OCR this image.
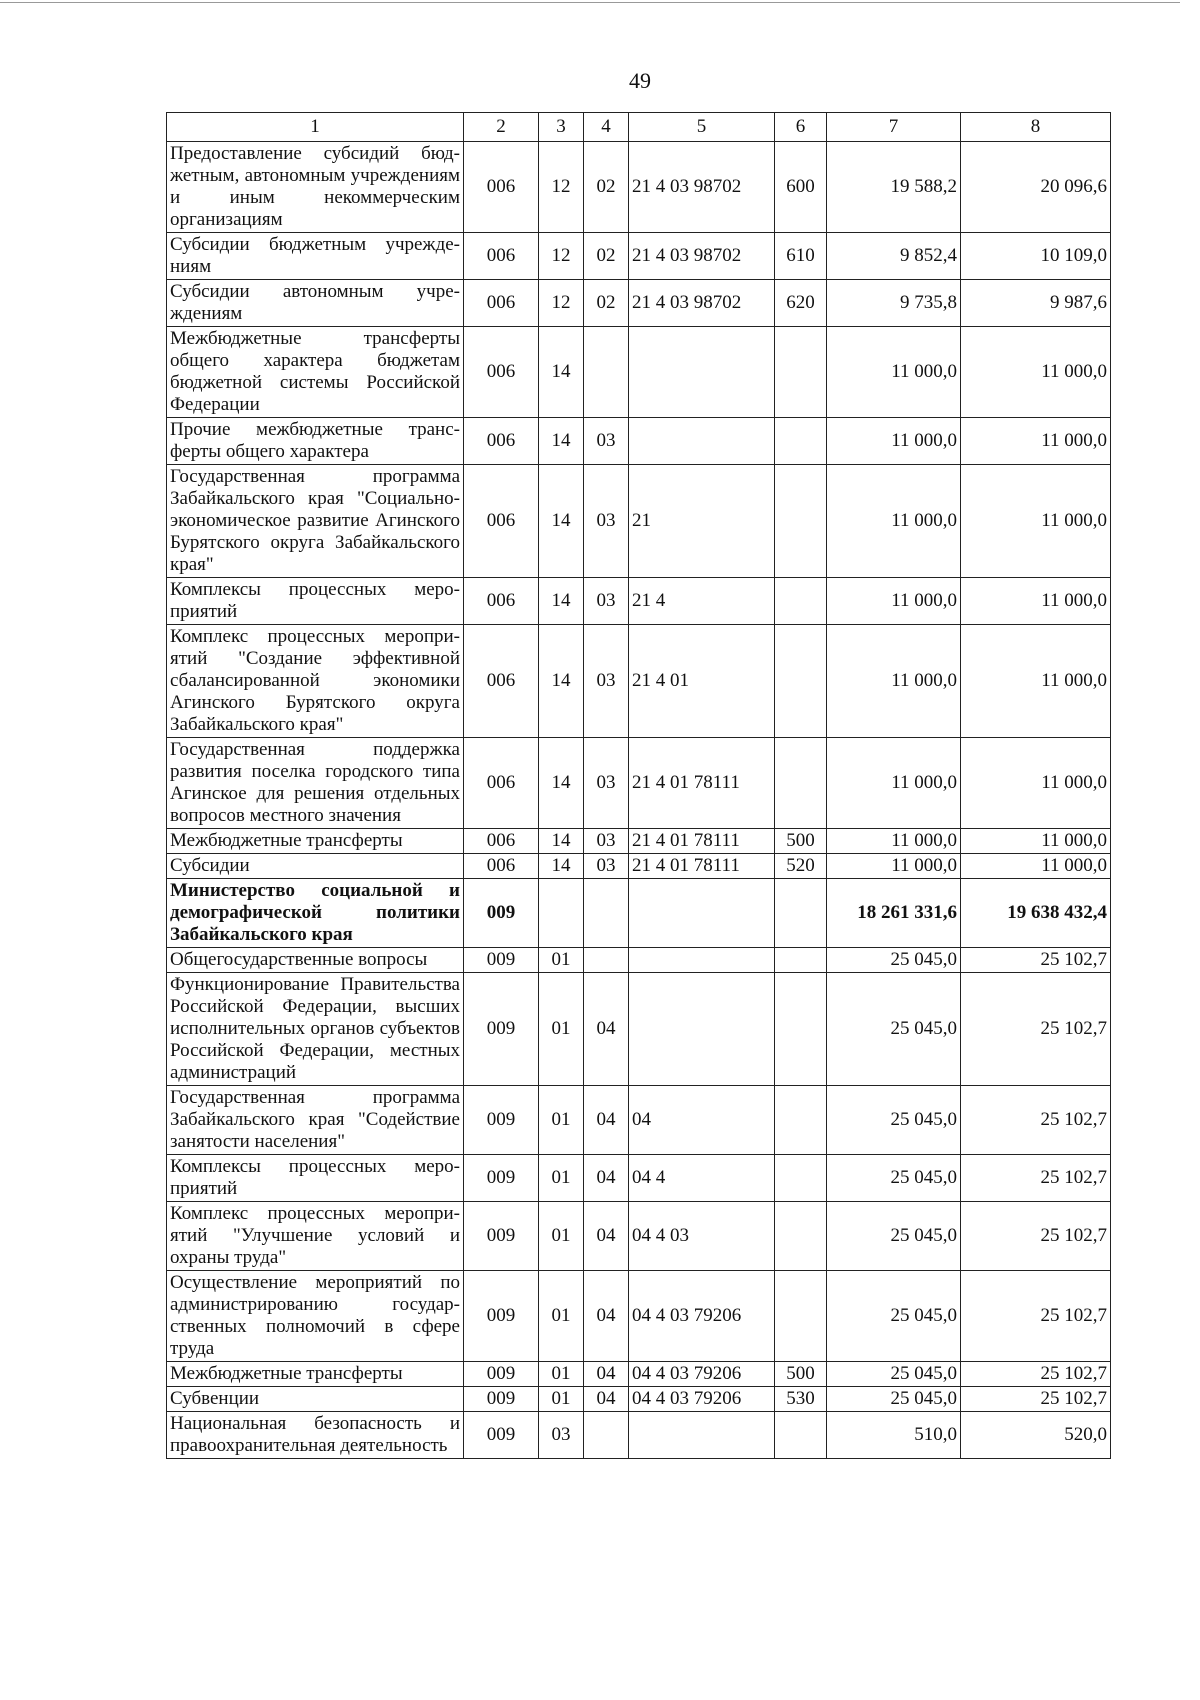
49
1	2	3	4	5	6	7	8
Предоставление субсидий бюджетным, автономным учреждениям и иным некоммерческим организациям	006	12	02	21 4 03 98702	600	19 588,2	20 096,6
Субсидии бюджетным учреждениям	006	12	02	21 4 03 98702	610	9 852,4	10 109,0
Субсидии автономным учреждениям	006	12	02	21 4 03 98702	620	9 735,8	9 987,6
Межбюджетные трансферты общего характера бюджетам бюджетной системы Российской Федерации	006	14				11 000,0	11 000,0
Прочие межбюджетные трансферты общего характера	006	14	03			11 000,0	11 000,0
Государственная программа Забайкальского края "Социально-экономическое развитие Агинского Бурятского округа Забайкальского края"	006	14	03	21		11 000,0	11 000,0
Комплексы процессных мероприятий	006	14	03	21 4		11 000,0	11 000,0
Комплекс процессных мероприятий "Создание эффективной сбалансированной экономики Агинского Бурятского округа Забайкальского края"	006	14	03	21 4 01		11 000,0	11 000,0
Государственная поддержка развития поселка городского типа Агинское для решения отдельных вопросов местного значения	006	14	03	21 4 01 78111		11 000,0	11 000,0
Межбюджетные трансферты	006	14	03	21 4 01 78111	500	11 000,0	11 000,0
Субсидии	006	14	03	21 4 01 78111	520	11 000,0	11 000,0
Министерство социальной и демографической политики Забайкальского края	009					18 261 331,6	19 638 432,4
Общегосударственные вопросы	009	01				25 045,0	25 102,7
Функционирование Правительства Российской Федерации, высших исполнительных органов субъектов Российской Федерации, местных администраций	009	01	04			25 045,0	25 102,7
Государственная программа Забайкальского края "Содействие занятости населения"	009	01	04	04		25 045,0	25 102,7
Комплексы процессных мероприятий	009	01	04	04 4		25 045,0	25 102,7
Комплекс процессных мероприятий "Улучшение условий и охраны труда"	009	01	04	04 4 03		25 045,0	25 102,7
Осуществление мероприятий по администрированию государственных полномочий в сфере труда	009	01	04	04 4 03 79206		25 045,0	25 102,7
Межбюджетные трансферты	009	01	04	04 4 03 79206	500	25 045,0	25 102,7
Субвенции	009	01	04	04 4 03 79206	530	25 045,0	25 102,7
Национальная безопасность и правоохранительная деятельность	009	03				510,0	520,0
